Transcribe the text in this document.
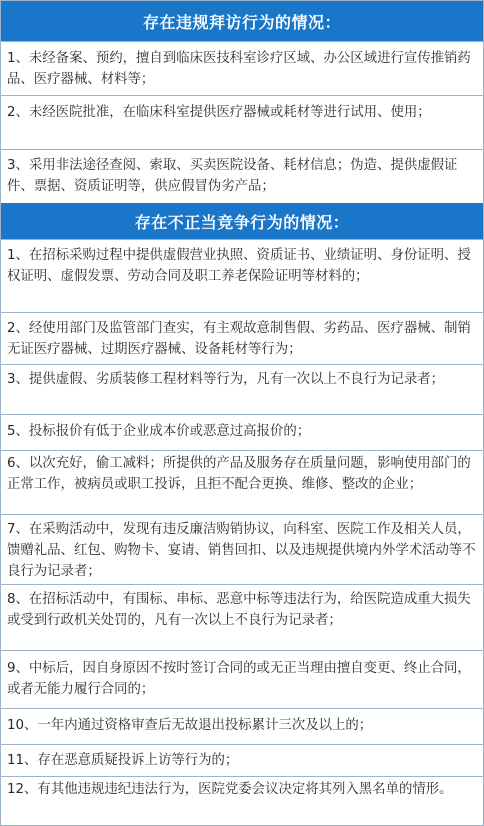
存在违规拜访行为的情况：
1、未经备案、预约，擅自到临床医技科室诊疗区域、办公区域进行宣传推销药品、医疗器械、材料等；
2、未经医院批准，在临床科室提供医疗器械或耗材等进行试用、使用；
3、采用非法途径查阅、索取、买卖医院设备、耗材信息；伪造、提供虚假证件、票据、资质证明等，供应假冒伪劣产品；
存在不正当竞争行为的情况：
1、在招标采购过程中提供虚假营业执照、资质证书、业绩证明、身份证明、授权证明、虚假发票、劳动合同及职工养老保险证明等材料的；
2、经使用部门及监管部门查实，有主观故意制售假、劣药品、医疗器械、制销无证医疗器械、过期医疗器械、设备耗材等行为；
3、提供虚假、劣质装修工程材料等行为，凡有一次以上不良行为记录者；
5、投标报价有低于企业成本价或恶意过高报价的；
6、以次充好，偷工减料；所提供的产品及服务存在质量问题，影响使用部门的正常工作，被病员或职工投诉，且拒不配合更换、维修、整改的企业；
7、在采购活动中，发现有违反廉洁购销协议，向科室、医院工作及相关人员，馈赠礼品、红包、购物卡、宴请、销售回扣、以及违规提供境内外学术活动等不良行为记录者；
8、在招标活动中，有围标、串标、恶意中标等违法行为，给医院造成重大损失或受到行政机关处罚的，凡有一次以上不良行为记录者；
9、中标后，因自身原因不按时签订合同的或无正当理由擅自变更、终止合同，或者无能力履行合同的；
10、一年内通过资格审查后无故退出投标累计三次及以上的；
11、存在恶意质疑投诉上访等行为的；
12、有其他违规违纪违法行为，医院党委会议决定将其列入黑名单的情形。
